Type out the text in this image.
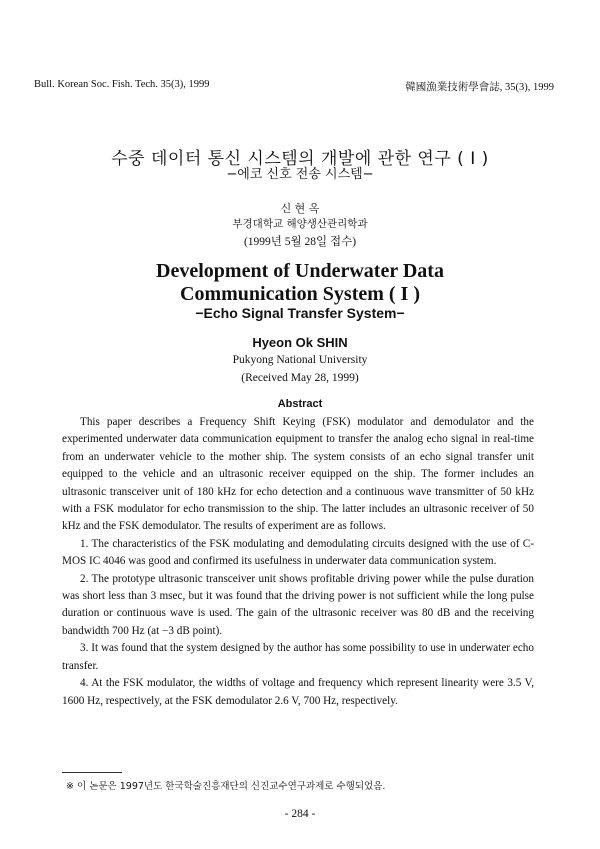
Bull. Korean Soc. Fish. Tech. 35(3), 1999	韓國漁業技術學會誌, 35(3), 1999
수중 데이터 통신 시스템의 개발에 관한 연구 ( I )
−에코 신호 전송 시스템−
신 현 옥
부경대학교 해양생산관리학과
(1999년 5월 28일 접수)
Development of Underwater Data
Communication System ( I )
−Echo Signal Transfer System−
Hyeon Ok SHIN
Pukyong National University
(Received May 28, 1999)
Abstract

This paper describes a Frequency Shift Keying (FSK) modulator and demodulator and the experimented underwater data communication equipment to transfer the analog echo signal in real-time from an underwater vehicle to the mother ship. The system consists of an echo signal transfer unit equipped to the vehicle and an ultrasonic receiver equipped on the ship. The former includes an ultrasonic transceiver unit of 180 kHz for echo detection and a continuous wave transmitter of 50 kHz with a FSK modulator for echo transmission to the ship. The latter includes an ultrasonic receiver of 50 kHz and the FSK demodulator. The results of experiment are as follows.

1. The characteristics of the FSK modulating and demodulating circuits designed with the use of C-MOS IC 4046 was good and confirmed its usefulness in underwater data communication system.

2. The prototype ultrasonic transceiver unit shows profitable driving power while the pulse duration was short less than 3 msec, but it was found that the driving power is not sufficient while the long pulse duration or continuous wave is used. The gain of the ultrasonic receiver was 80 dB and the receiving bandwidth 700 Hz (at −3 dB point).

3. It was found that the system designed by the author has some possibility to use in underwater echo transfer.

4. At the FSK modulator, the widths of voltage and frequency which represent linearity were 3.5 V, 1600 Hz, respectively, at the FSK demodulator 2.6 V, 700 Hz, respectively.

※ 이 논문은 1997년도 한국학술진흥재단의 신진교수연구과제로 수행되었음.
- 284 -
